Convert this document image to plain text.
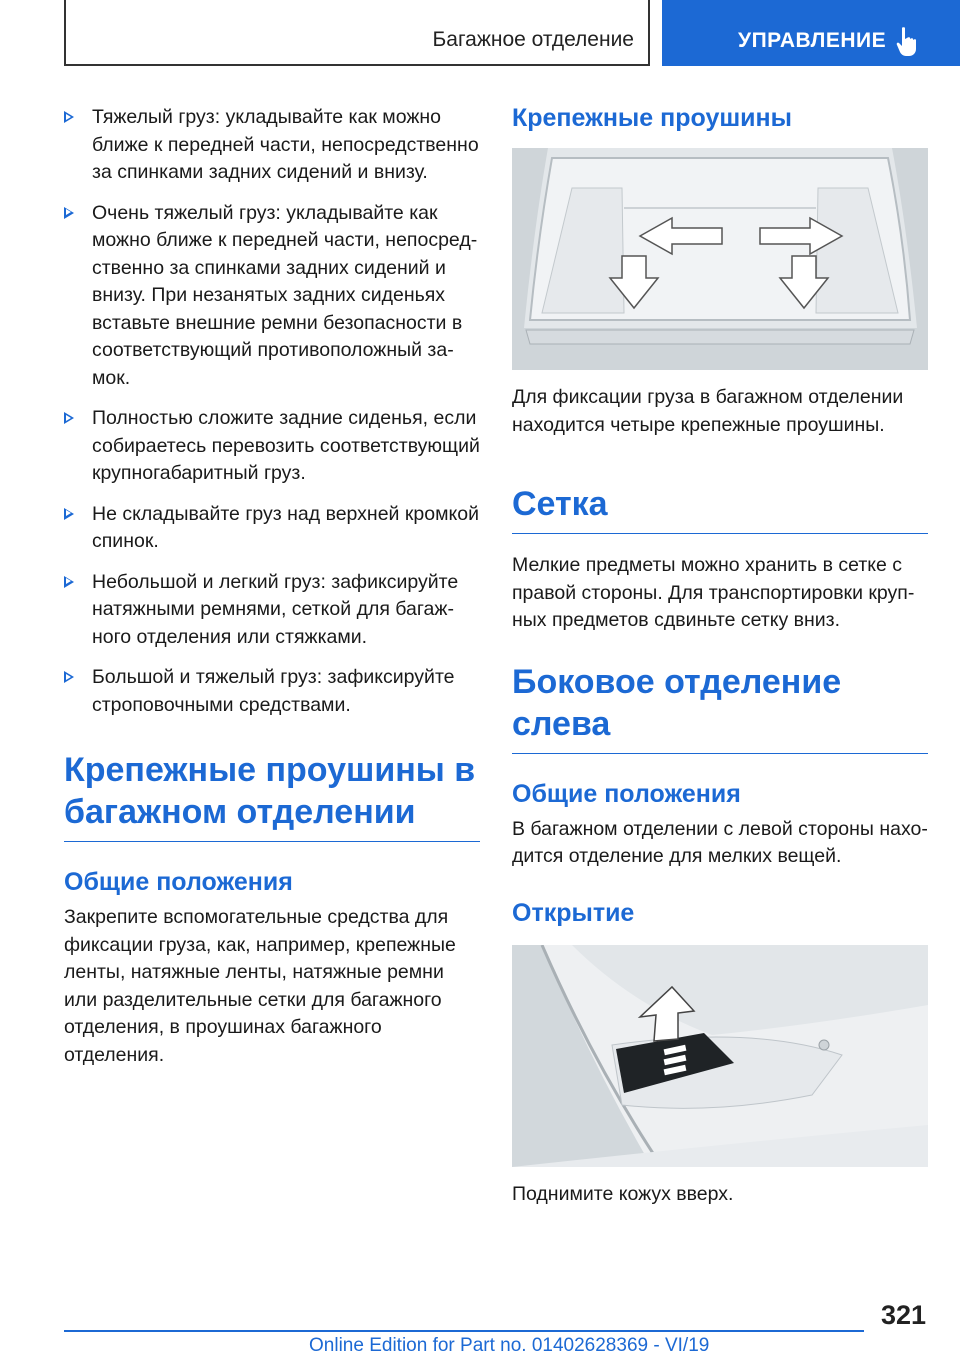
Багажное отделение	УПРАВЛЕНИЕ
Тяжелый груз: укладывайте как можно ближе к передней части, непосредственно за спинками задних сидений и внизу.
Очень тяжелый груз: укладывайте как можно ближе к передней части, непосредственно за спинками задних сидений и внизу. При незанятых задних сиденьях вставьте внешние ремни безопасности в соответствующий противоположный замок.
Полностью сложите задние сиденья, если собираетесь перевозить соответствующий крупногабаритный груз.
Не складывайте груз над верхней кромкой спинок.
Небольшой и легкий груз: зафиксируйте натяжными ремнями, сеткой для багажного отделения или стяжками.
Большой и тяжелый груз: зафиксируйте строповочными средствами.
Крепежные проушины в багажном отделении
Общие положения
Закрепите вспомогательные средства для фиксации груза, как, например, крепежные ленты, натяжные ленты, натяжные ремни или разделительные сетки для багажного отделения, в проушинах багажного отделения.
Крепежные проушины
Для фиксации груза в багажном отделении находится четыре крепежные проушины.
Сетка
Мелкие предметы можно хранить в сетке с правой стороны. Для транспортировки крупных предметов сдвиньте сетку вниз.
Боковое отделение слева
Общие положения
В багажном отделении с левой стороны находится отделение для мелких вещей.
Открытие
Поднимите кожух вверх.
321
Online Edition for Part no. 01402628369 - VI/19
